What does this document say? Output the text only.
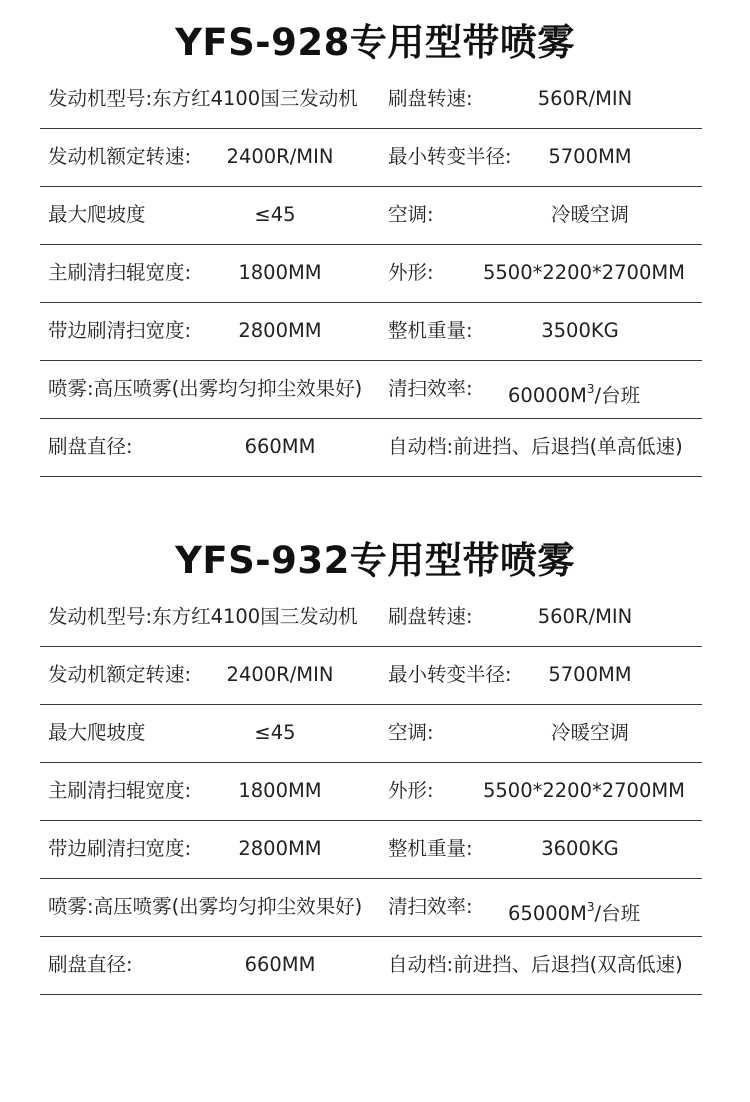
YFS-928专用型带喷雾
发动机型号:东方红4100国三发动机 刷盘转速:	560R/MIN
发动机额定转速:	2400R/MIN	最小转变半径:	5700MM
最大爬坡度	≤45	空调:	冷暖空调
主刷清扫辊宽度:	1800MM	外形:	5500*2200*2700MM
带边刷清扫宽度:	2800MM	整机重量:	3500KG
喷雾:高压喷雾(出雾均匀抑尘效果好) 清扫效率: $60000M^3/$台班
刷盘直径:	660MM	自动档:前进挡、后退挡(单高低速)
YFS-932专用型带喷雾
发动机型号:东方红4100国三发动机 刷盘转速:	560R/MIN
发动机额定转速:	2400R/MIN	最小转变半径:	5700MM
最大爬坡度	≤45	空调:	冷暖空调
主刷清扫辊宽度:	1800MM	外形:	5500*2200*2700MM
带边刷清扫宽度:	2800MM	整机重量:	3600KG
喷雾:高压喷雾(出雾均匀抑尘效果好) 清扫效率: $65000M^3/$台班
刷盘直径:	660MM	自动档:前进挡、后退挡(双高低速)
